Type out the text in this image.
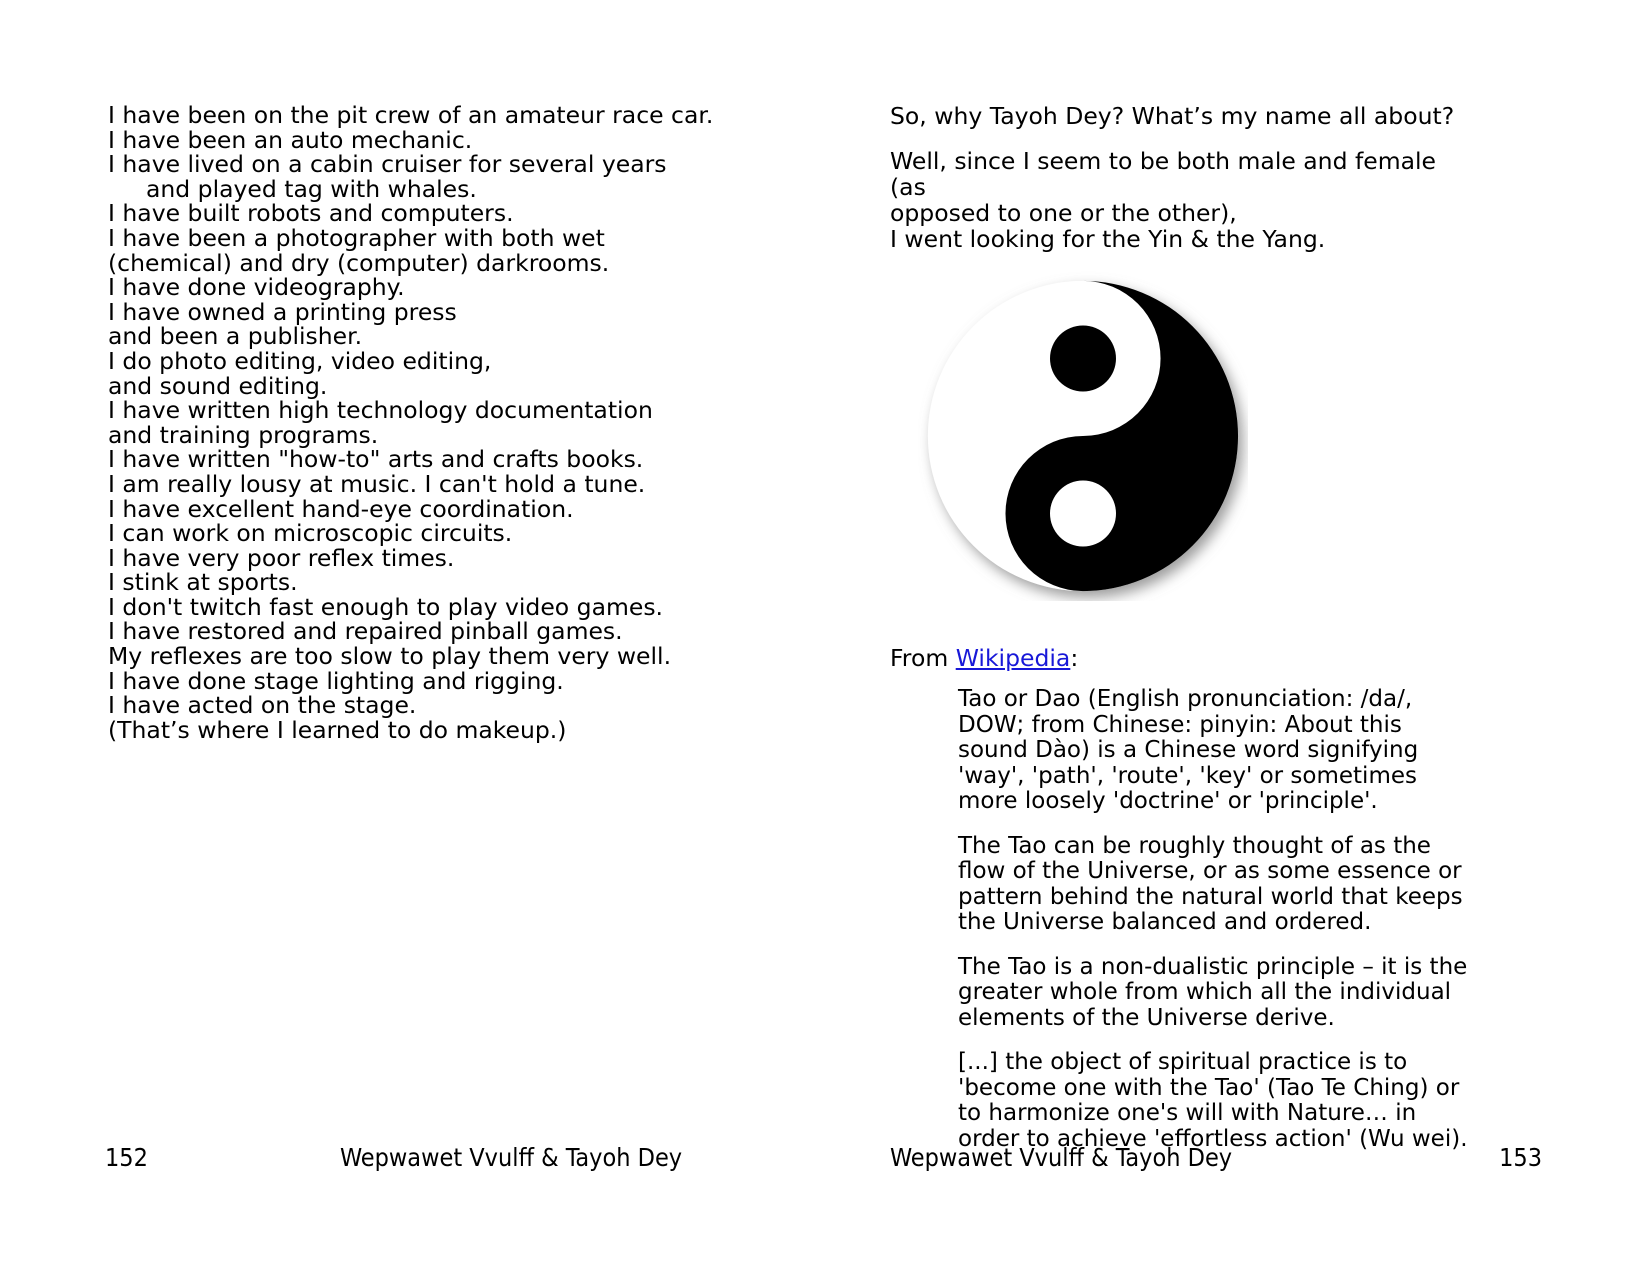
I have been on the pit crew of an amateur race car.
I have been an auto mechanic.
I have lived on a cabin cruiser for several years
and played tag with whales.
I have built robots and computers.
I have been a photographer with both wet
(chemical) and dry (computer) darkrooms.
I have done videography.
I have owned a printing press
and been a publisher.
I do photo editing, video editing,
and sound editing.
I have written high technology documentation
and training programs.
I have written "how-to" arts and crafts books.
I am really lousy at music. I can't hold a tune.
I have excellent hand-eye coordination.
I can work on microscopic circuits.
I have very poor reflex times.
I stink at sports.
I don't twitch fast enough to play video games.
I have restored and repaired pinball games.
My reflexes are too slow to play them very well.
I have done stage lighting and rigging.
I have acted on the stage.
(That’s where I learned to do makeup.)

So, why Tayoh Dey? What’s my name all about?

Well, since I seem to be both male and female (as
opposed to one or the other),
I went looking for the Yin & the Yang.

From Wikipedia:

Tao or Dao (English pronunciation: /da/, DOW; from Chinese: pinyin: About this sound Dào) is a Chinese word signifying 'way', 'path', 'route', 'key' or sometimes more loosely 'doctrine' or 'principle'.

The Tao can be roughly thought of as the flow of the Universe, or as some essence or pattern behind the natural world that keeps the Universe balanced and ordered.

The Tao is a non-dualistic principle – it is the greater whole from which all the individual elements of the Universe derive.

[...] the object of spiritual practice is to 'become one with the Tao' (Tao Te Ching) or to harmonize one's will with Nature… in order to achieve 'effortless action' (Wu wei).

152	Wepwawet Vvulff & Tayoh Dey	Wepwawet Vvulff & Tayoh Dey	153
